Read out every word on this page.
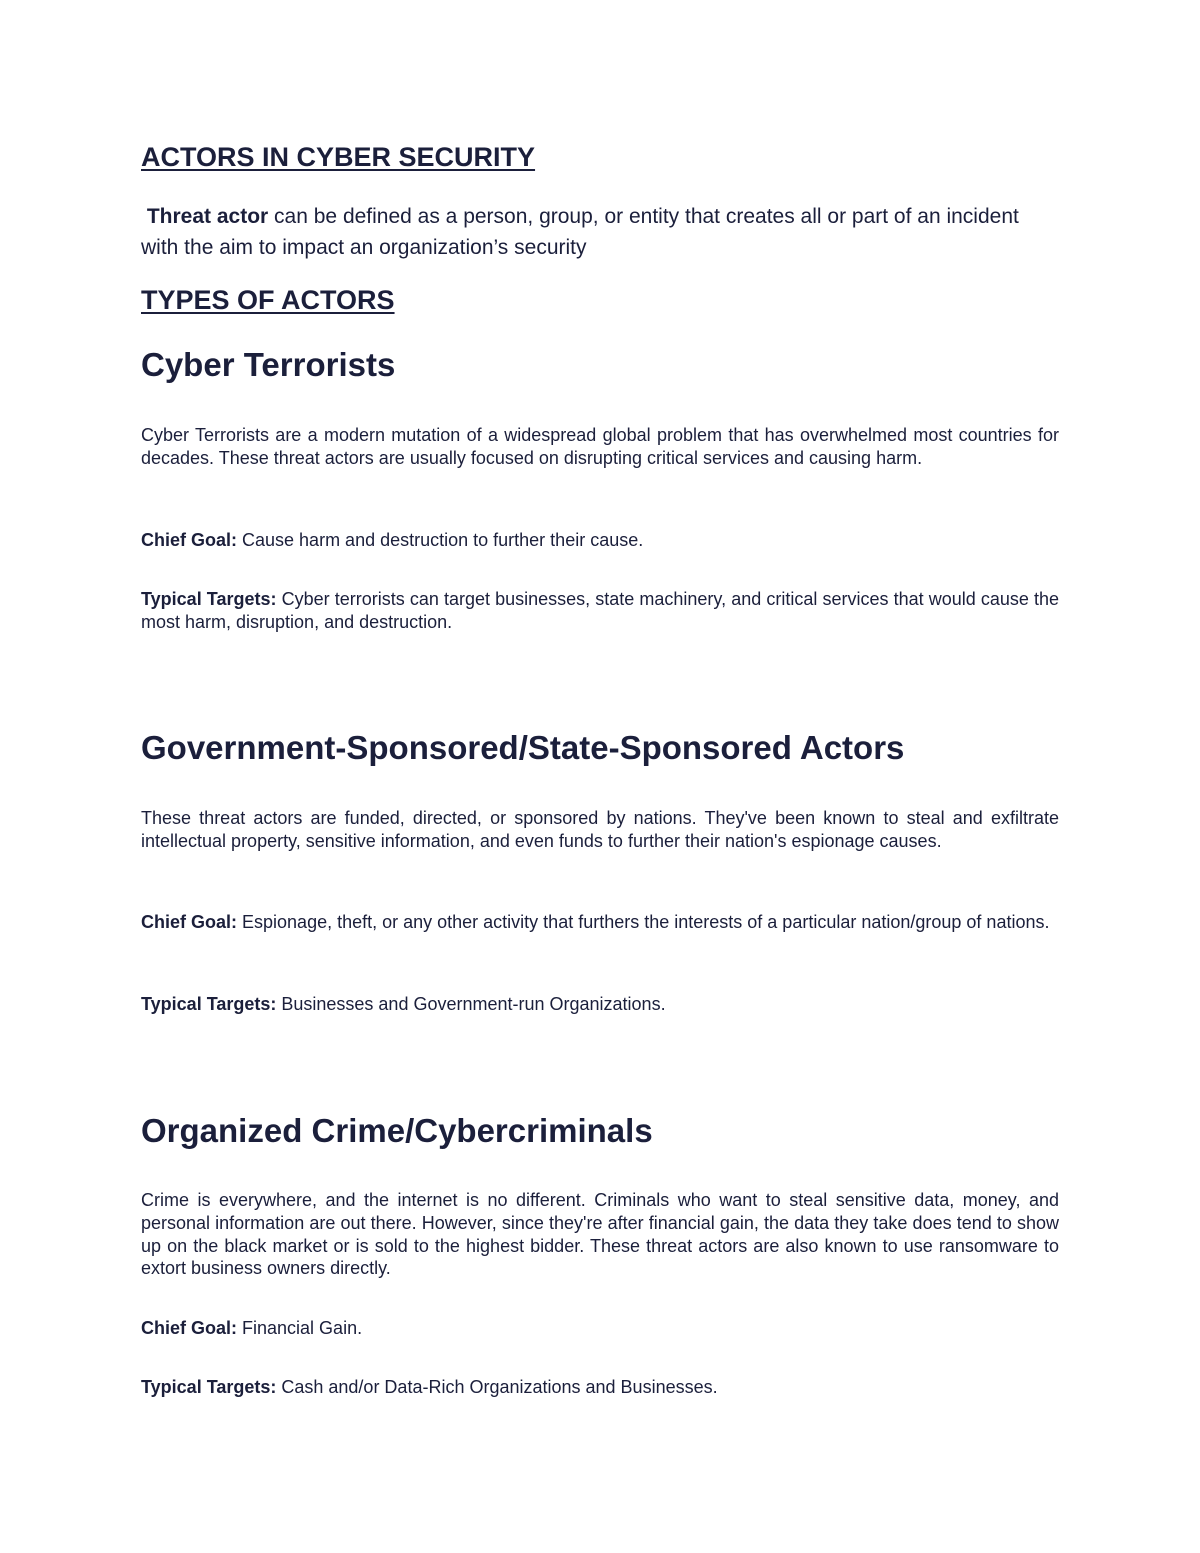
ACTORS IN CYBER SECURITY

Threat actor can be defined as a person, group, or entity that creates all or part of an incident with the aim to impact an organization’s security

TYPES OF ACTORS
Cyber Terrorists

Cyber Terrorists are a modern mutation of a widespread global problem that has overwhelmed most countries for decades. These threat actors are usually focused on disrupting critical services and causing harm.

Chief Goal: Cause harm and destruction to further their cause.

Typical Targets: Cyber terrorists can target businesses, state machinery, and critical services that would cause the most harm, disruption, and destruction.

Government-Sponsored/State-Sponsored Actors

These threat actors are funded, directed, or sponsored by nations. They've been known to steal and exfiltrate intellectual property, sensitive information, and even funds to further their nation's espionage causes.

Chief Goal: Espionage, theft, or any other activity that furthers the interests of a particular nation/group of nations.

Typical Targets: Businesses and Government-run Organizations.

Organized Crime/Cybercriminals

Crime is everywhere, and the internet is no different. Criminals who want to steal sensitive data, money, and personal information are out there. However, since they're after financial gain, the data they take does tend to show up on the black market or is sold to the highest bidder. These threat actors are also known to use ransomware to extort business owners directly.

Chief Goal: Financial Gain.

Typical Targets: Cash and/or Data-Rich Organizations and Businesses.
